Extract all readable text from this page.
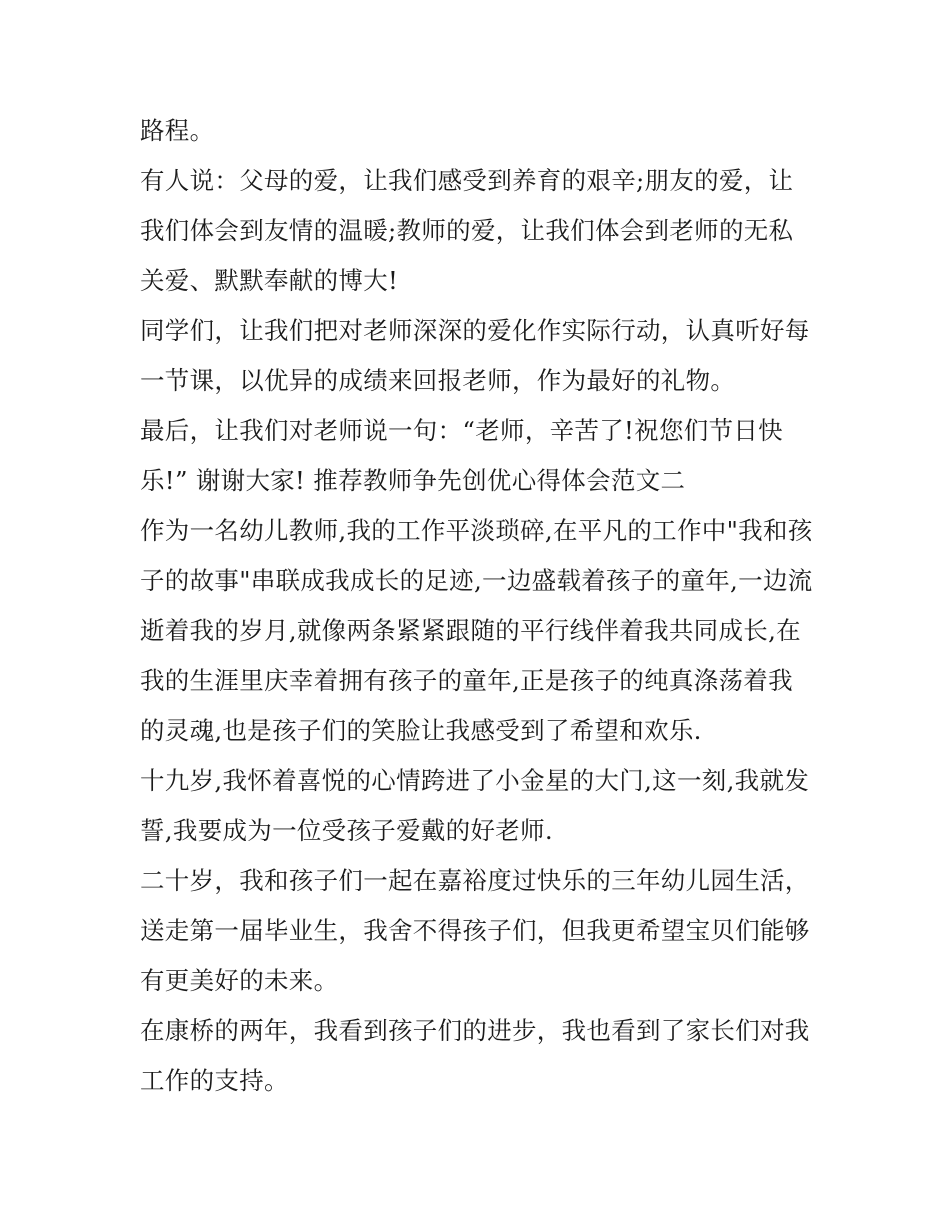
路程。
有人说：父母的爱，让我们感受到养育的艰辛;朋友的爱，让
我们体会到友情的温暖;教师的爱，让我们体会到老师的无私
关爱、默默奉献的博大!
同学们，让我们把对老师深深的爱化作实际行动，认真听好每
一节课，以优异的成绩来回报老师，作为最好的礼物。
最后，让我们对老师说一句：“老师，辛苦了!祝您们节日快
乐!” 谢谢大家! 推荐教师争先创优心得体会范文二
作为一名幼儿教师,我的工作平淡琐碎,在平凡的工作中"我和孩
子的故事"串联成我成长的足迹,一边盛载着孩子的童年,一边流
逝着我的岁月,就像两条紧紧跟随的平行线伴着我共同成长,在
我的生涯里庆幸着拥有孩子的童年,正是孩子的纯真涤荡着我
的灵魂,也是孩子们的笑脸让我感受到了希望和欢乐.
十九岁,我怀着喜悦的心情跨进了小金星的大门,这一刻,我就发
誓,我要成为一位受孩子爱戴的好老师.
二十岁，我和孩子们一起在嘉裕度过快乐的三年幼儿园生活，
送走第一届毕业生，我舍不得孩子们，但我更希望宝贝们能够
有更美好的未来。
在康桥的两年，我看到孩子们的进步，我也看到了家长们对我
工作的支持。
